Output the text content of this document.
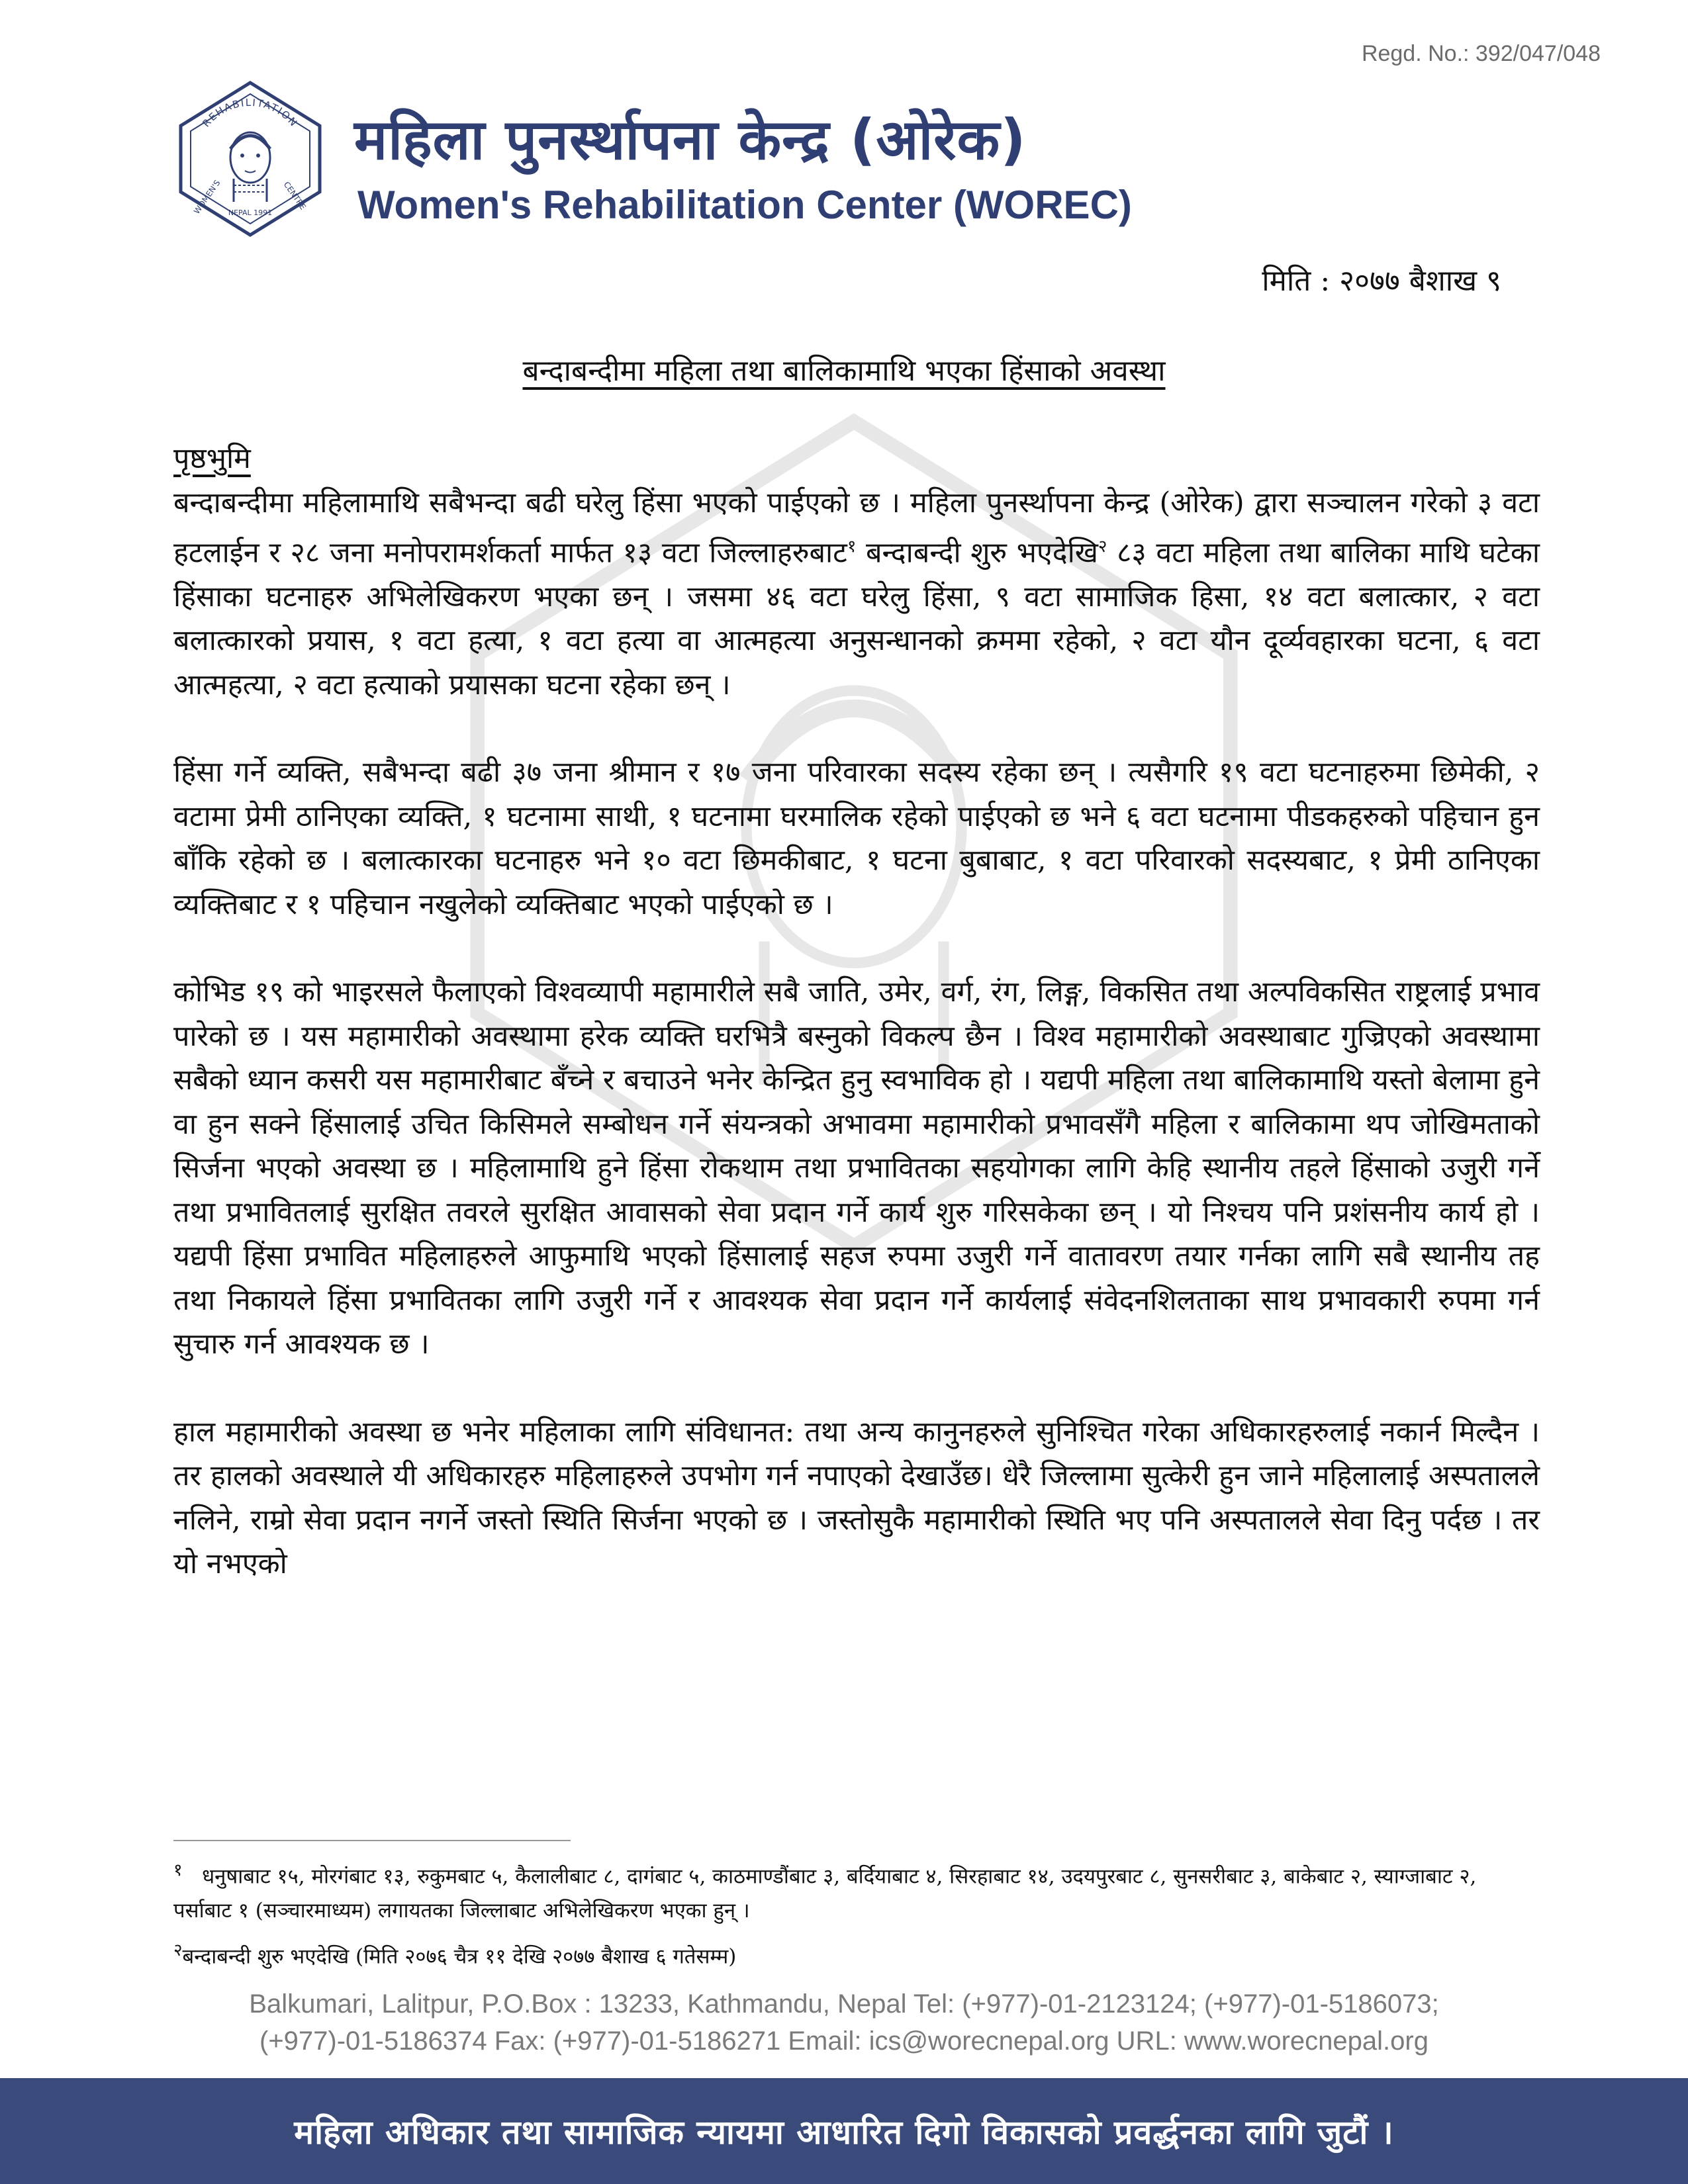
Regd. No.: 392/047/048
REHABILITATION
WOMEN'S	CENTRE
NEPAL 1991
महिला पुनर्स्थापना केन्द्र (ओरेक)
Women's Rehabilitation Center (WOREC)
मिति : २०७७ बैशाख ९
बन्दाबन्दीमा महिला तथा बालिकामाथि भएका हिंसाको अवस्था
पृष्ठभुमि

बन्दाबन्दीमा महिलामाथि सबैभन्दा बढी घरेलु हिंसा भएको पाईएको छ । महिला पुनर्स्थापना केन्द्र (ओरेक) द्वारा सञ्चालन गरेको ३ वटा हटलाईन र २८ जना मनोपरामर्शकर्ता मार्फत १३ वटा जिल्लाहरुबाट$^१$ बन्दाबन्दी शुरु भएदेखि$^२$ ८३ वटा महिला तथा बालिका माथि घटेका हिंसाका घटनाहरु अभिलेखिकरण भएका छन् । जसमा ४६ वटा घरेलु हिंसा, ९ वटा सामाजिक हिसा, १४ वटा बलात्कार, २ वटा बलात्कारको प्रयास, १ वटा हत्या, १ वटा हत्या वा आत्महत्या अनुसन्धानको क्रममा रहेको, २ वटा यौन दूर्व्यवहारका घटना, ६ वटा आत्महत्या, २ वटा हत्याको प्रयासका घटना रहेका छन् ।

हिंसा गर्ने व्यक्ति, सबैभन्दा बढी ३७ जना श्रीमान र १७ जना परिवारका सदस्य रहेका छन् । त्यसैगरि १९ वटा घटनाहरुमा छिमेकी, २ वटामा प्रेमी ठानिएका व्यक्ति, १ घटनामा साथी, १ घटनामा घरमालिक रहेको पाईएको छ भने ६ वटा घटनामा पीडकहरुको पहिचान हुन बाँकि रहेको छ । बलात्कारका घटनाहरु भने १० वटा छिमकीबाट, १ घटना बुबाबाट, १ वटा परिवारको सदस्यबाट, १ प्रेमी ठानिएका व्यक्तिबाट र १ पहिचान नखुलेको व्यक्तिबाट भएको पाईएको छ ।

कोभिड १९ को भाइरसले फैलाएको विश्वव्यापी महामारीले सबै जाति, उमेर, वर्ग, रंग, लिङ्ग, विकसित तथा अल्पविकसित राष्ट्रलाई प्रभाव पारेको छ । यस महामारीको अवस्थामा हरेक व्यक्ति घरभित्रै बस्नुको विकल्प छैन । विश्व महामारीको अवस्थाबाट गुज्रिएको अवस्थामा सबैको ध्यान कसरी यस महामारीबाट बँच्ने र बचाउने भनेर केन्द्रित हुनु स्वभाविक हो । यद्यपी महिला तथा बालिकामाथि यस्तो बेलामा हुने वा हुन सक्ने हिंसालाई उचित किसिमले सम्बोधन गर्ने संयन्त्रको अभावमा महामारीको प्रभावसँगै महिला र बालिकामा थप जोखिमताको सिर्जना भएको अवस्था छ । महिलामाथि हुने हिंसा रोकथाम तथा प्रभावितका सहयोगका लागि केहि स्थानीय तहले हिंसाको उजुरी गर्ने तथा प्रभावितलाई सुरक्षित तवरले सुरक्षित आवासको सेवा प्रदान गर्ने कार्य शुरु गरिसकेका छन् । यो निश्चय पनि प्रशंसनीय कार्य हो । यद्यपी हिंसा प्रभावित महिलाहरुले आफुमाथि भएको हिंसालाई सहज रुपमा उजुरी गर्ने वातावरण तयार गर्नका लागि सबै स्थानीय तह तथा निकायले हिंसा प्रभावितका लागि उजुरी गर्ने र आवश्यक सेवा प्रदान गर्ने कार्यलाई संवेदनशिलताका साथ प्रभावकारी रुपमा गर्न सुचारु गर्न आवश्यक छ ।

हाल महामारीको अवस्था छ भनेर महिलाका लागि संविधानत: तथा अन्य कानुनहरुले सुनिश्चित गरेका अधिकारहरुलाई नकार्न मिल्दैन । तर हालको अवस्थाले यी अधिकारहरु महिलाहरुले उपभोग गर्न नपाएको देखाउँछ। धेरै जिल्लामा सुत्केरी हुन जाने महिलालाई अस्पतालले नलिने, राम्रो सेवा प्रदान नगर्ने जस्तो स्थिति सिर्जना भएको छ । जस्तोसुकै महामारीको स्थिति भए पनि अस्पतालले सेवा दिनु पर्दछ । तर यो नभएको

$^१$ धनुषाबाट १५, मोरगंबाट १३, रुकुमबाट ५, कैलालीबाट ८, दागंबाट ५, काठमाण्डौंबाट ३, बर्दियाबाट ४, सिरहाबाट १४, उदयपुरबाट ८, सुनसरीबाट ३, बाकेबाट २, स्याग्जाबाट २, पर्साबाट १ (सञ्चारमाध्यम) लगायतका जिल्लाबाट अभिलेखिकरण भएका हुन् ।
$^२$बन्दाबन्दी शुरु भएदेखि (मिति २०७६ चैत्र ११ देखि २०७७ बैशाख ६ गतेसम्म)
Balkumari, Lalitpur, P.O.Box : 13233, Kathmandu, Nepal Tel: (+977)-01-2123124; (+977)-01-5186073;
(+977)-01-5186374 Fax: (+977)-01-5186271 Email: ics@worecnepal.org URL: www.worecnepal.org
महिला अधिकार तथा सामाजिक न्यायमा आधारित दिगो विकासको प्रवर्द्धनका लागि जुटौं ।
